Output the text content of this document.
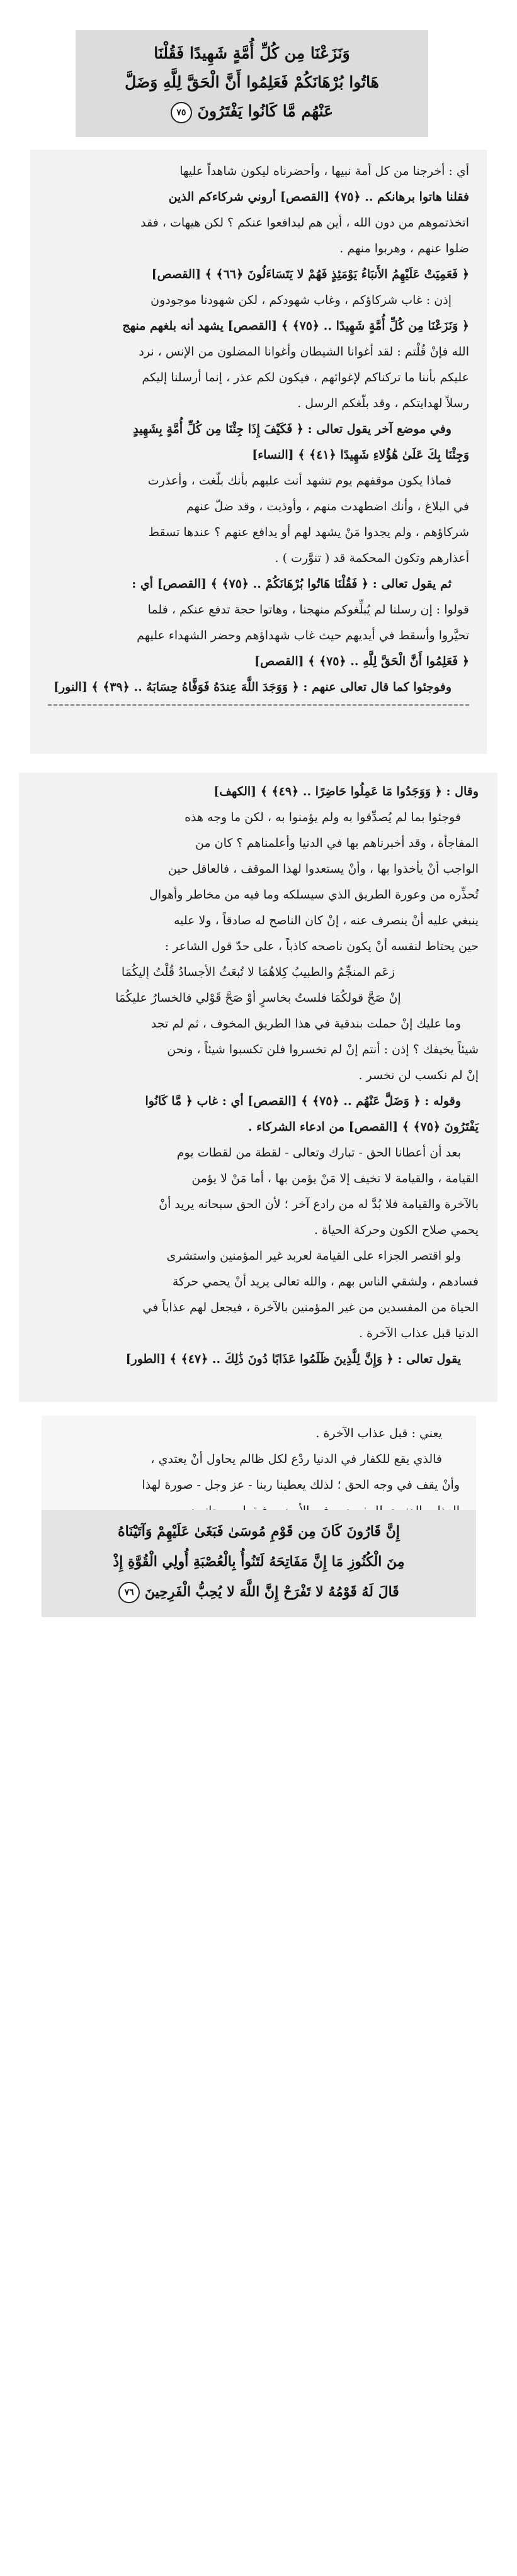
وَنَزَعْنَا مِن كُلِّ أُمَّةٍ شَهِيدًا فَقُلْنَا
هَاتُوا بُرْهَانَكُمْ فَعَلِمُوا أَنَّ الْحَقَّ لِلَّهِ وَضَلَّ
عَنْهُم مَّا كَانُوا يَفْتَرُونَ ٧٥

أي : أخرجنا من كل أمة نبيها ، وأحضرناه ليكون شاهداً عليها

فقلنا هاتوا برهانكم .. ﴿٧٥﴾ [القصص] أروني شركاءكم الذين

اتخذتموهم من دون الله ، أين هم ليدافعوا عنكم ؟ لكن هيهات ، فقد

ضلوا عنهم ، وهربوا منهم .

﴿ فَعَمِيَتْ عَلَيْهِمُ الأَنبَاءُ يَوْمَئِذٍ فَهُمْ لا يَتَسَاءَلُونَ ﴿٦٦﴾ ﴾ [القصص]

إذن : غاب شركاؤكم ، وغاب شهودكم ، لكن شهودنا موجودون

﴿ وَنَزَعْنَا مِن كُلِّ أُمَّةٍ شَهِيدًا .. ﴿٧٥﴾ ﴾ [القصص] يشهد أنه بلغهم منهج

الله فإنْ قُلْتم : لقد أغوانا الشيطان وأغوانا المضلون من الإنس ، نرد

عليكم بأننا ما تركناكم لإغوائهم ، فيكون لكم عذر ، إنما أرسلنا إليكم

رسلاً لهدايتكم ، وقد بلّغكم الرسل .

وفي موضع آخر يقول تعالى : ﴿ فَكَيْفَ إِذَا جِئْنَا مِن كُلِّ أُمَّةٍ بِشَهِيدٍ

وَجِئْنَا بِكَ عَلَىٰ هَٰؤُلاءِ شَهِيدًا ﴿٤١﴾ ﴾ [النساء]

فماذا يكون موقفهم يوم تشهد أنت عليهم بأنك بلّغت ، وأعذرت

في البلاغ ، وأنك اضطهدت منهم ، وأوذيت ، وقد ضلّ عنهم

شركاؤهم ، ولم يجدوا مَنْ يشهد لهم أو يدافع عنهم ؟ عندها تسقط

أعذارهم وتكون المحكمة قد ( تنوَّرت ) .

ثم يقول تعالى : ﴿ فَقُلْنَا هَاتُوا بُرْهَانَكُمْ .. ﴿٧٥﴾ ﴾ [القصص] أي :

قولوا : إن رسلنا لم يُبلِّغوكم منهجنا ، وهاتوا حجة تدفع عنكم ، فلما

تحيَّروا وأسقط في أيديهم حيث غاب شهداؤهم وحضر الشهداء عليهم

﴿ فَعَلِمُوا أَنَّ الْحَقَّ لِلَّهِ .. ﴿٧٥﴾ ﴾ [القصص]

وفوجئوا كما قال تعالى عنهم : ﴿ وَوَجَدَ اللَّهَ عِندَهُ فَوَفَّاهُ حِسَابَهُ .. ﴿٣٩﴾ ﴾ [النور]

وقال : ﴿ وَوَجَدُوا مَا عَمِلُوا حَاضِرًا .. ﴿٤٩﴾ ﴾ [الكهف]

فوجئوا بما لم يُصدِّقوا به ولم يؤمنوا به ، لكن ما وجه هذه

المفاجأة ، وقد أخبرناهم بها في الدنيا وأعلمناهم ؟ كان من

الواجب أنْ يأخذوا بها ، وأنْ يستعدوا لهذا الموقف ، فالعاقل حين

تُحذِّره من وعورة الطريق الذي سيسلكه وما فيه من مخاطر وأهوال

ينبغي عليه أنْ ينصرف عنه ، إنْ كان الناصح له صادقاً ، ولا عليه

حين يحتاط لنفسه أنْ يكون ناصحه كاذباً ، على حدّ قول الشاعر :

زعَم المنجِّمُ والطبيبُ كِلاهُمَا لا تُبعَثُ الأجسادُ قُلْتُ إليكُمَا

إنْ صَحَّ قولكُمَا فلستُ بخاسرٍ أوْ صَحَّ قَوْلي فالخسارُ عليكُمَا

وما عليك إنْ حملت بندقية في هذا الطريق المخوف ، ثم لم تجد

شيئاً يخيفك ؟ إذن : أنتم إنْ لم تخسروا فلن تكسبوا شيئاً ، ونحن

إنْ لم نكسب لن نخسر .

وقوله : ﴿ وَضَلَّ عَنْهُم .. ﴿٧٥﴾ ﴾ [القصص] أي : غاب ﴿ مَّا كَانُوا

يَفْتَرُونَ ﴿٧٥﴾ ﴾ [القصص] من ادعاء الشركاء .

بعد أن أعطانا الحق - تبارك وتعالى - لقطة من لقطات يوم

القيامة ، والقيامة لا تخيف إلا مَنْ يؤمن بها ، أما مَنْ لا يؤمن

بالآخرة والقيامة فلا بُدَّ له من رادع آخر ؛ لأن الحق سبحانه يريد أنْ

يحمي صلاح الكون وحركة الحياة .

ولو اقتصر الجزاء على القيامة لعربد غير المؤمنين واستشرى

فسادهم ، ولشقي الناس بهم ، والله تعالى يريد أنْ يحمي حركة

الحياة من المفسدين من غير المؤمنين بالآخرة ، فيجعل لهم عذاباً في

الدنيا قبل عذاب الآخرة .

يقول تعالى : ﴿ وَإِنَّ لِلَّذِينَ ظَلَمُوا عَذَابًا دُونَ ذَٰلِكَ .. ﴿٤٧﴾ ﴾ [الطور]

يعني : قبل عذاب الآخرة .

فالذي يقع للكفار في الدنيا ردْع لكل ظالم يحاول أنْ يعتدي ،

وأنْ يقف في وجه الحق ؛ لذلك يعطينا ربنا - عز وجل - صورة لهذا

إِنَّ قَارُونَ كَانَ مِن قَوْمِ مُوسَىٰ فَبَغَىٰ عَلَيْهِمْ وَآتَيْنَاهُ
مِنَ الْكُنُوزِ مَا إِنَّ مَفَاتِحَهُ لَتَنُوأُ بِالْعُصْبَةِ أُولِي الْقُوَّةِ إِذْ
قَالَ لَهُ قَوْمُهُ لا تَفْرَحْ إِنَّ اللَّهَ لا يُحِبُّ الْفَرِحِينَ ٧٦
